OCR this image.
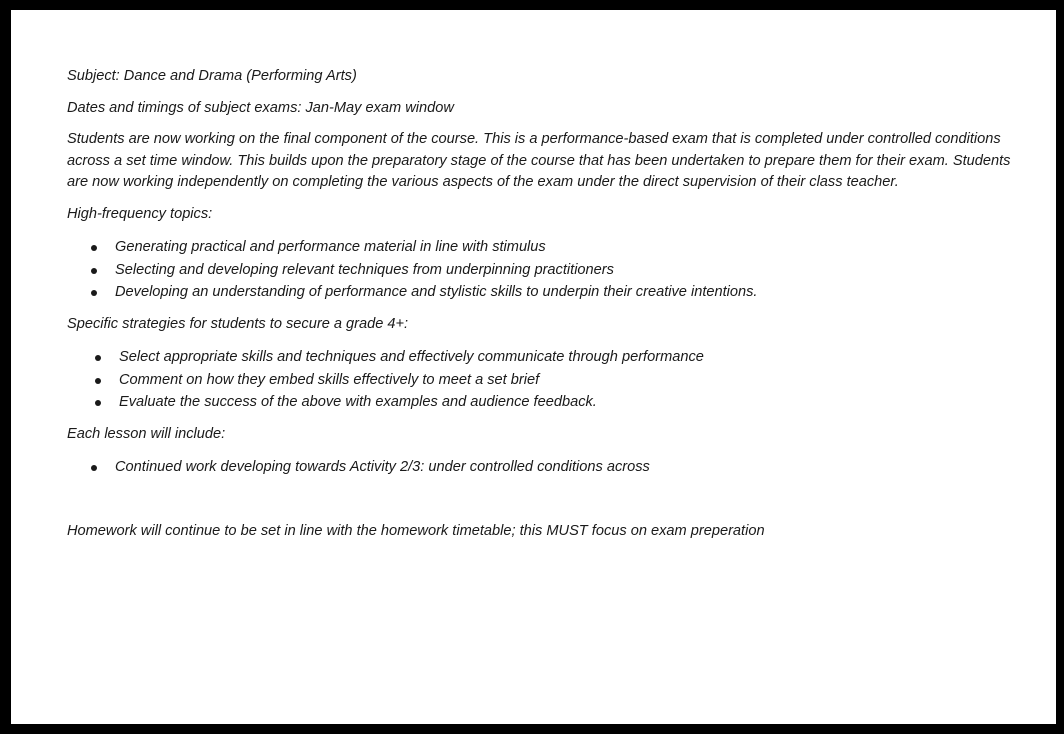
Subject: Dance and Drama (Performing Arts)

Dates and timings of subject exams: Jan-May exam window

Students are now working on the final component of the course. This is a performance-based exam that is completed under controlled conditions across a set time window. This builds upon the preparatory stage of the course that has been undertaken to prepare them for their exam. Students are now working independently on completing the various aspects of the exam under the direct supervision of their class teacher.

High-frequency topics:

Generating practical and performance material in line with stimulus
Selecting and developing relevant techniques from underpinning practitioners
Developing an understanding of performance and stylistic skills to underpin their creative intentions.

Specific strategies for students to secure a grade 4+:

Select appropriate skills and techniques and effectively communicate through performance
Comment on how they embed skills effectively to meet a set brief
Evaluate the success of the above with examples and audience feedback.

Each lesson will include:

Continued work developing towards Activity 2/3: under controlled conditions across

Homework will continue to be set in line with the homework timetable; this MUST focus on exam preperation
